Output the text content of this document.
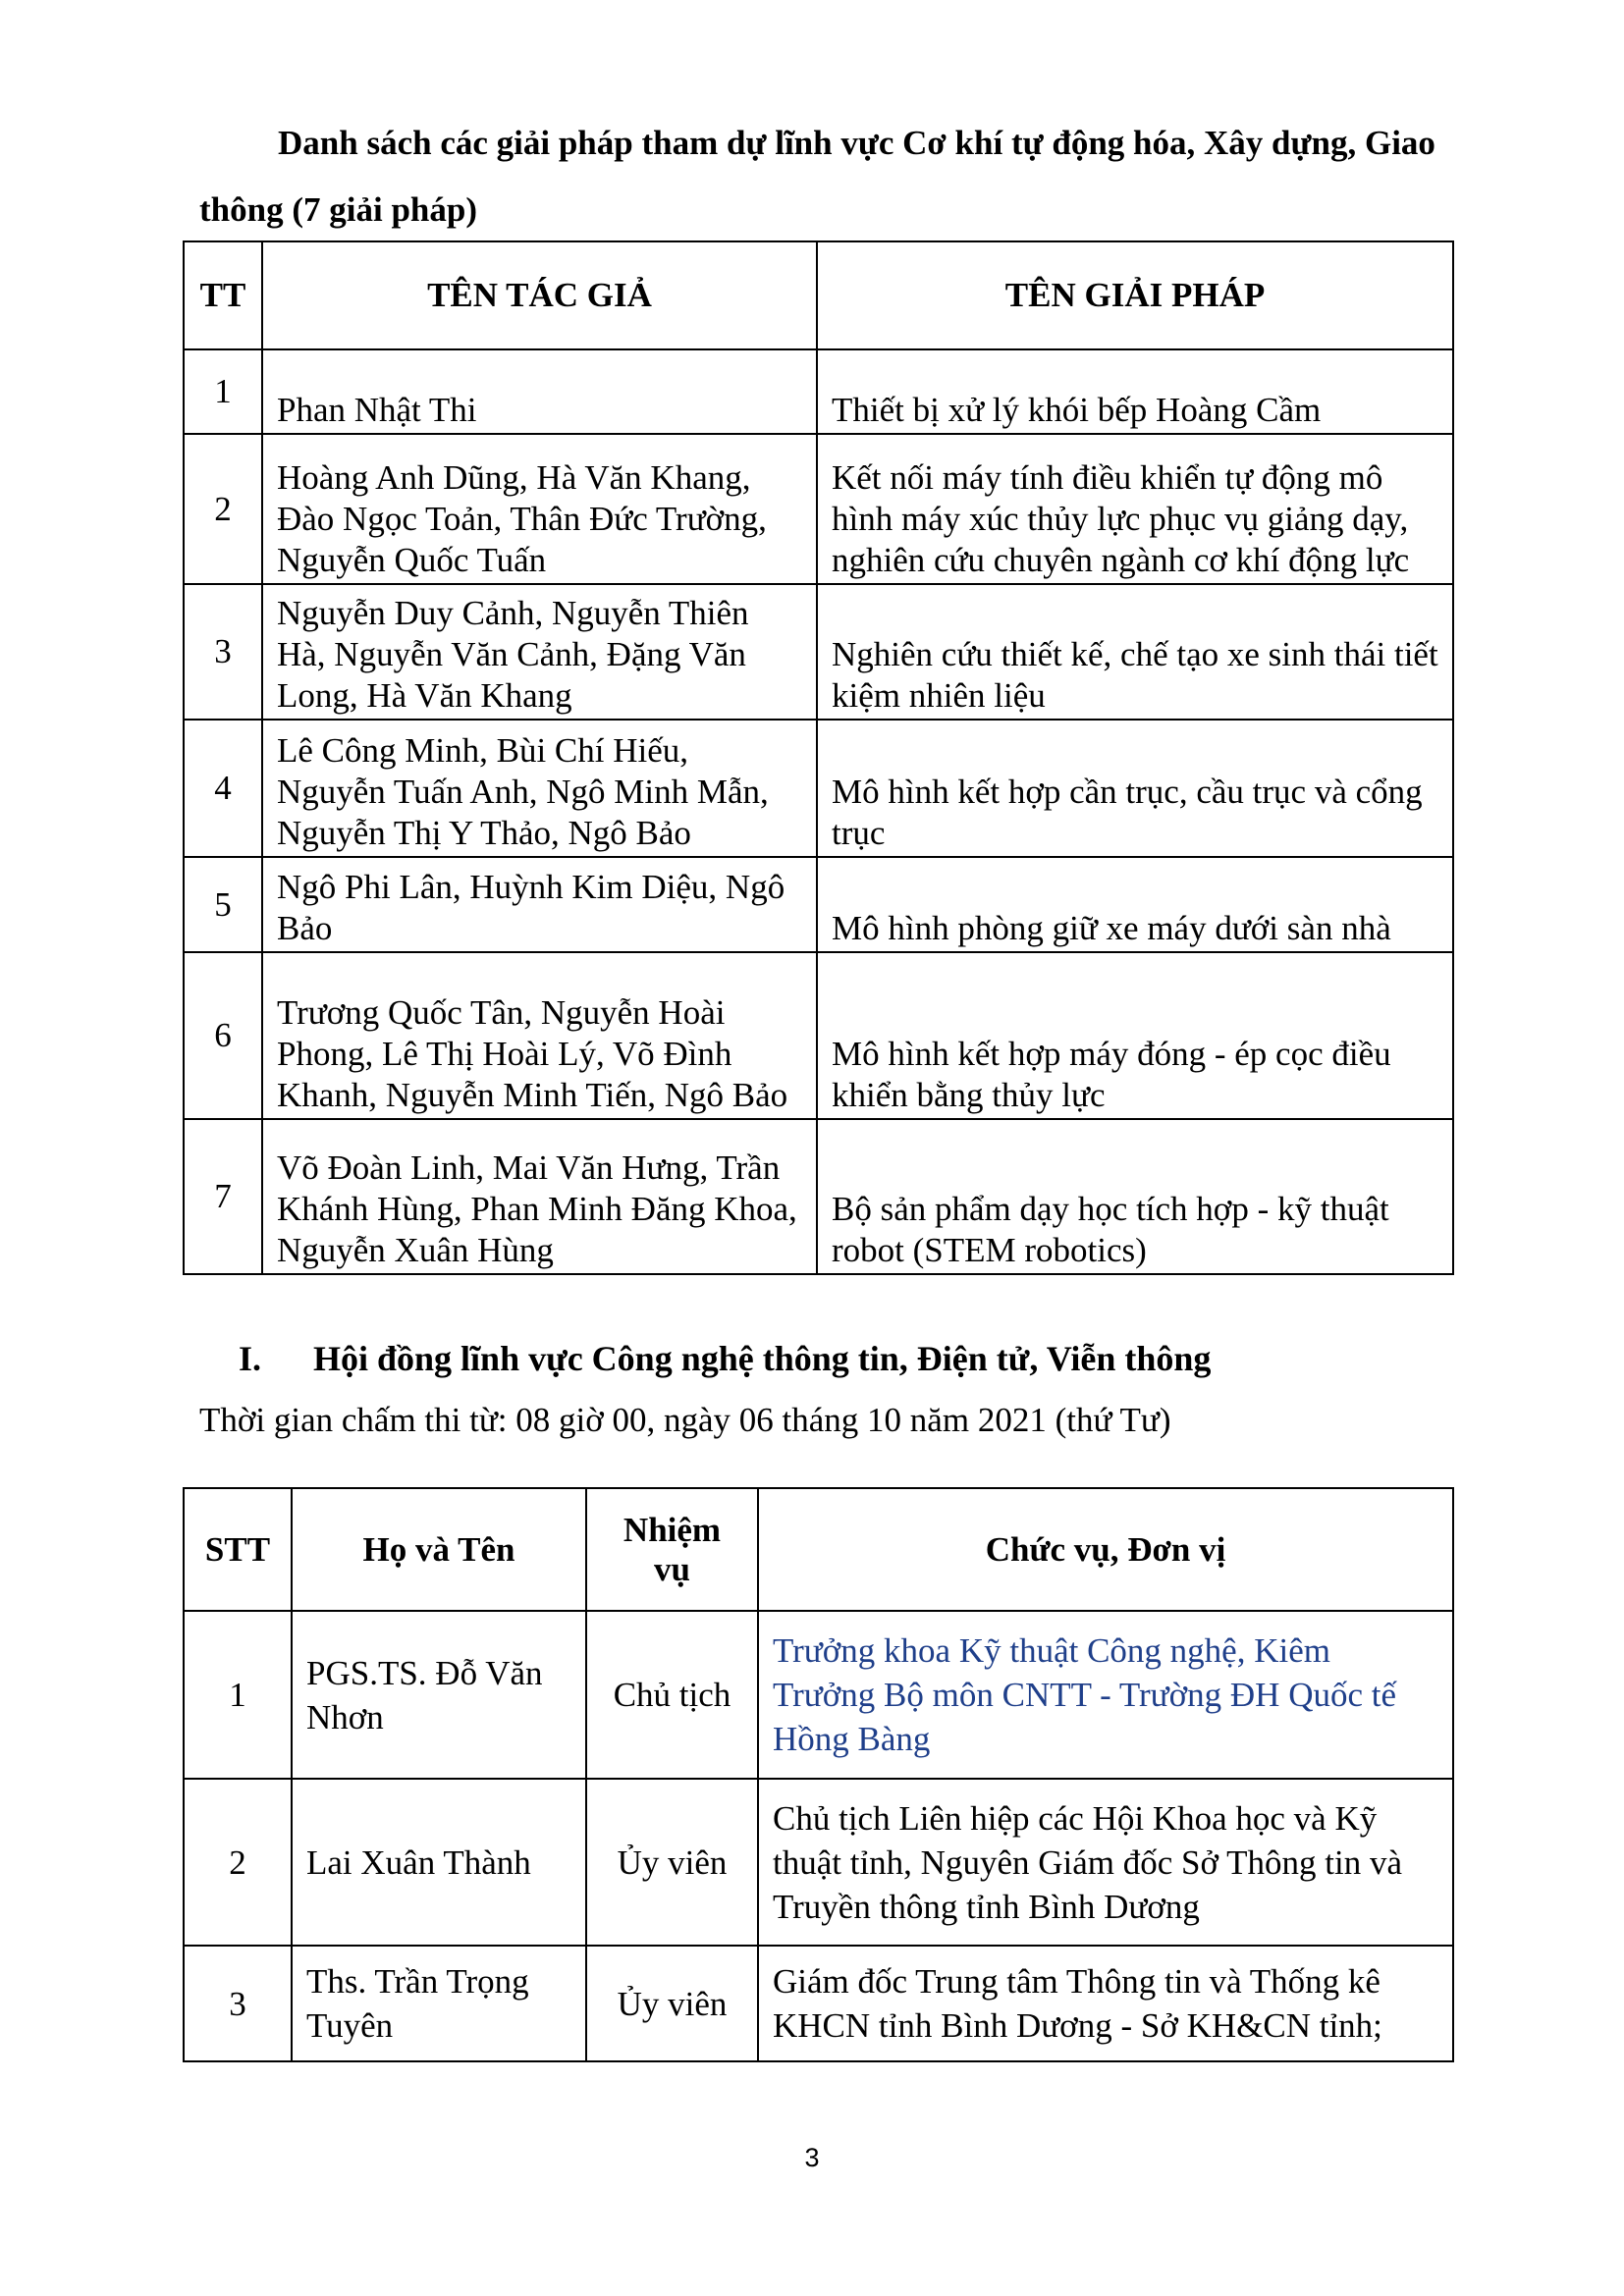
Danh sách các giải pháp tham dự lĩnh vực Cơ khí tự động hóa, Xây dựng, Giao thông (7 giải pháp)

TT	TÊN TÁC GIẢ	TÊN GIẢI PHÁP
1	Phan Nhật Thi	Thiết bị xử lý khói bếp Hoàng Cầm
2	Hoàng Anh Dũng, Hà Văn Khang, Đào Ngọc Toản, Thân Đức Trường, Nguyễn Quốc Tuấn	Kết nối máy tính điều khiển tự động mô hình máy xúc thủy lực phục vụ giảng dạy, nghiên cứu chuyên ngành cơ khí động lực
3	Nguyễn Duy Cảnh, Nguyễn Thiên Hà, Nguyễn Văn Cảnh, Đặng Văn Long, Hà Văn Khang	Nghiên cứu thiết kế, chế tạo xe sinh thái tiết kiệm nhiên liệu
4	Lê Công Minh, Bùi Chí Hiếu, Nguyễn Tuấn Anh, Ngô Minh Mẫn, Nguyễn Thị Y Thảo, Ngô Bảo	Mô hình kết hợp cần trục, cầu trục và cổng trục
5	Ngô Phi Lân, Huỳnh Kim Diệu, Ngô Bảo	Mô hình phòng giữ xe máy dưới sàn nhà
6	Trương Quốc Tân, Nguyễn Hoài Phong, Lê Thị Hoài Lý, Võ Đình Khanh, Nguyễn Minh Tiến, Ngô Bảo	Mô hình kết hợp máy đóng - ép cọc điều khiển bằng thủy lực
7	Võ Đoàn Linh, Mai Văn Hưng, Trần Khánh Hùng, Phan Minh Đăng Khoa, Nguyễn Xuân Hùng	Bộ sản phẩm dạy học tích hợp - kỹ thuật robot (STEM robotics)
I.	Hội đồng lĩnh vực Công nghệ thông tin, Điện tử, Viễn thông

Thời gian chấm thi từ: 08 giờ 00, ngày 06 tháng 10 năm 2021 (thứ Tư)

STT	Họ và Tên	Nhiệm vụ	Chức vụ, Đơn vị
1	PGS.TS. Đỗ Văn Nhơn	Chủ tịch	Trưởng khoa Kỹ thuật Công nghệ, Kiêm Trưởng Bộ môn CNTT - Trường ĐH Quốc tế Hồng Bàng
2	Lai Xuân Thành	Ủy viên	Chủ tịch Liên hiệp các Hội Khoa học và Kỹ thuật tỉnh, Nguyên Giám đốc Sở Thông tin và Truyền thông tỉnh Bình Dương
3	Ths. Trần Trọng Tuyên	Ủy viên	Giám đốc Trung tâm Thông tin và Thống kê KHCN tỉnh Bình Dương - Sở KH&CN tỉnh;
3
